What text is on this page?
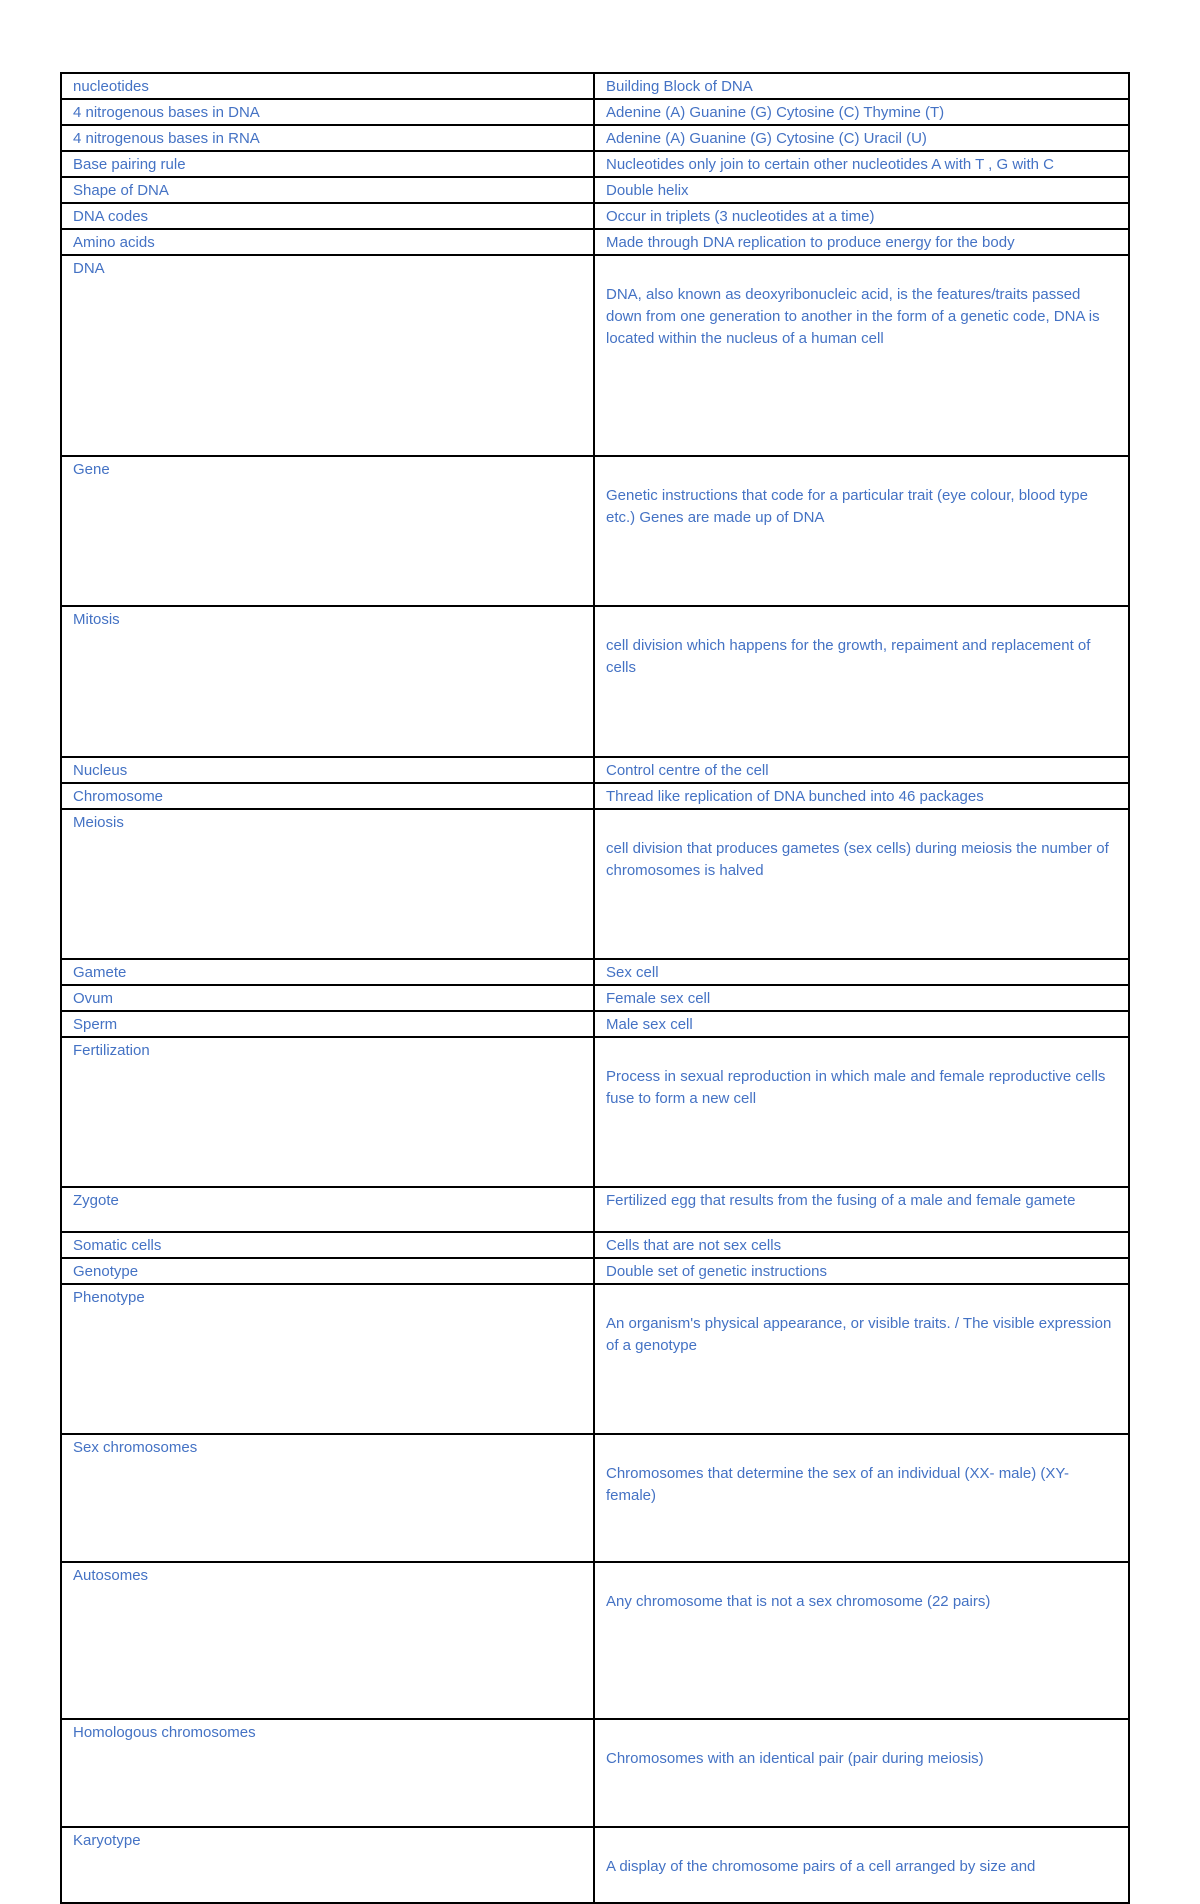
nucleotides	Building Block of DNA
4 nitrogenous bases in DNA	Adenine (A) Guanine (G) Cytosine (C) Thymine (T)
4 nitrogenous bases in RNA	Adenine (A) Guanine (G) Cytosine (C) Uracil (U)
Base pairing rule	Nucleotides only join to certain other nucleotides A with T , G with C
Shape of DNA	Double helix
DNA codes	Occur in triplets (3 nucleotides at a time)
Amino acids	Made through DNA replication to produce energy for the body
DNA	DNA, also known as deoxyribonucleic acid, is the features/traits passed down from one generation to another in the form of a genetic code, DNA is located within the nucleus of a human cell
Gene	Genetic instructions that code for a particular trait (eye colour, blood type etc.) Genes are made up of DNA
Mitosis	cell division which happens for the growth, repaiment and replacement of cells
Nucleus	Control centre of the cell
Chromosome	Thread like replication of DNA bunched into 46 packages
Meiosis	cell division that produces gametes (sex cells) during meiosis the number of chromosomes is halved
Gamete	Sex cell
Ovum	Female sex cell
Sperm	Male sex cell
Fertilization	Process in sexual reproduction in which male and female reproductive cells fuse to form a new cell
Zygote	Fertilized egg that results from the fusing of a male and female gamete
Somatic cells	Cells that are not sex cells
Genotype	Double set of genetic instructions
Phenotype	An organism's physical appearance, or visible traits. / The visible expression of a genotype
Sex chromosomes	Chromosomes that determine the sex of an individual (XX- male) (XY- female)
Autosomes	Any chromosome that is not a sex chromosome (22 pairs)
Homologous chromosomes	Chromosomes with an identical pair (pair during meiosis)
Karyotype	A display of the chromosome pairs of a cell arranged by size and
